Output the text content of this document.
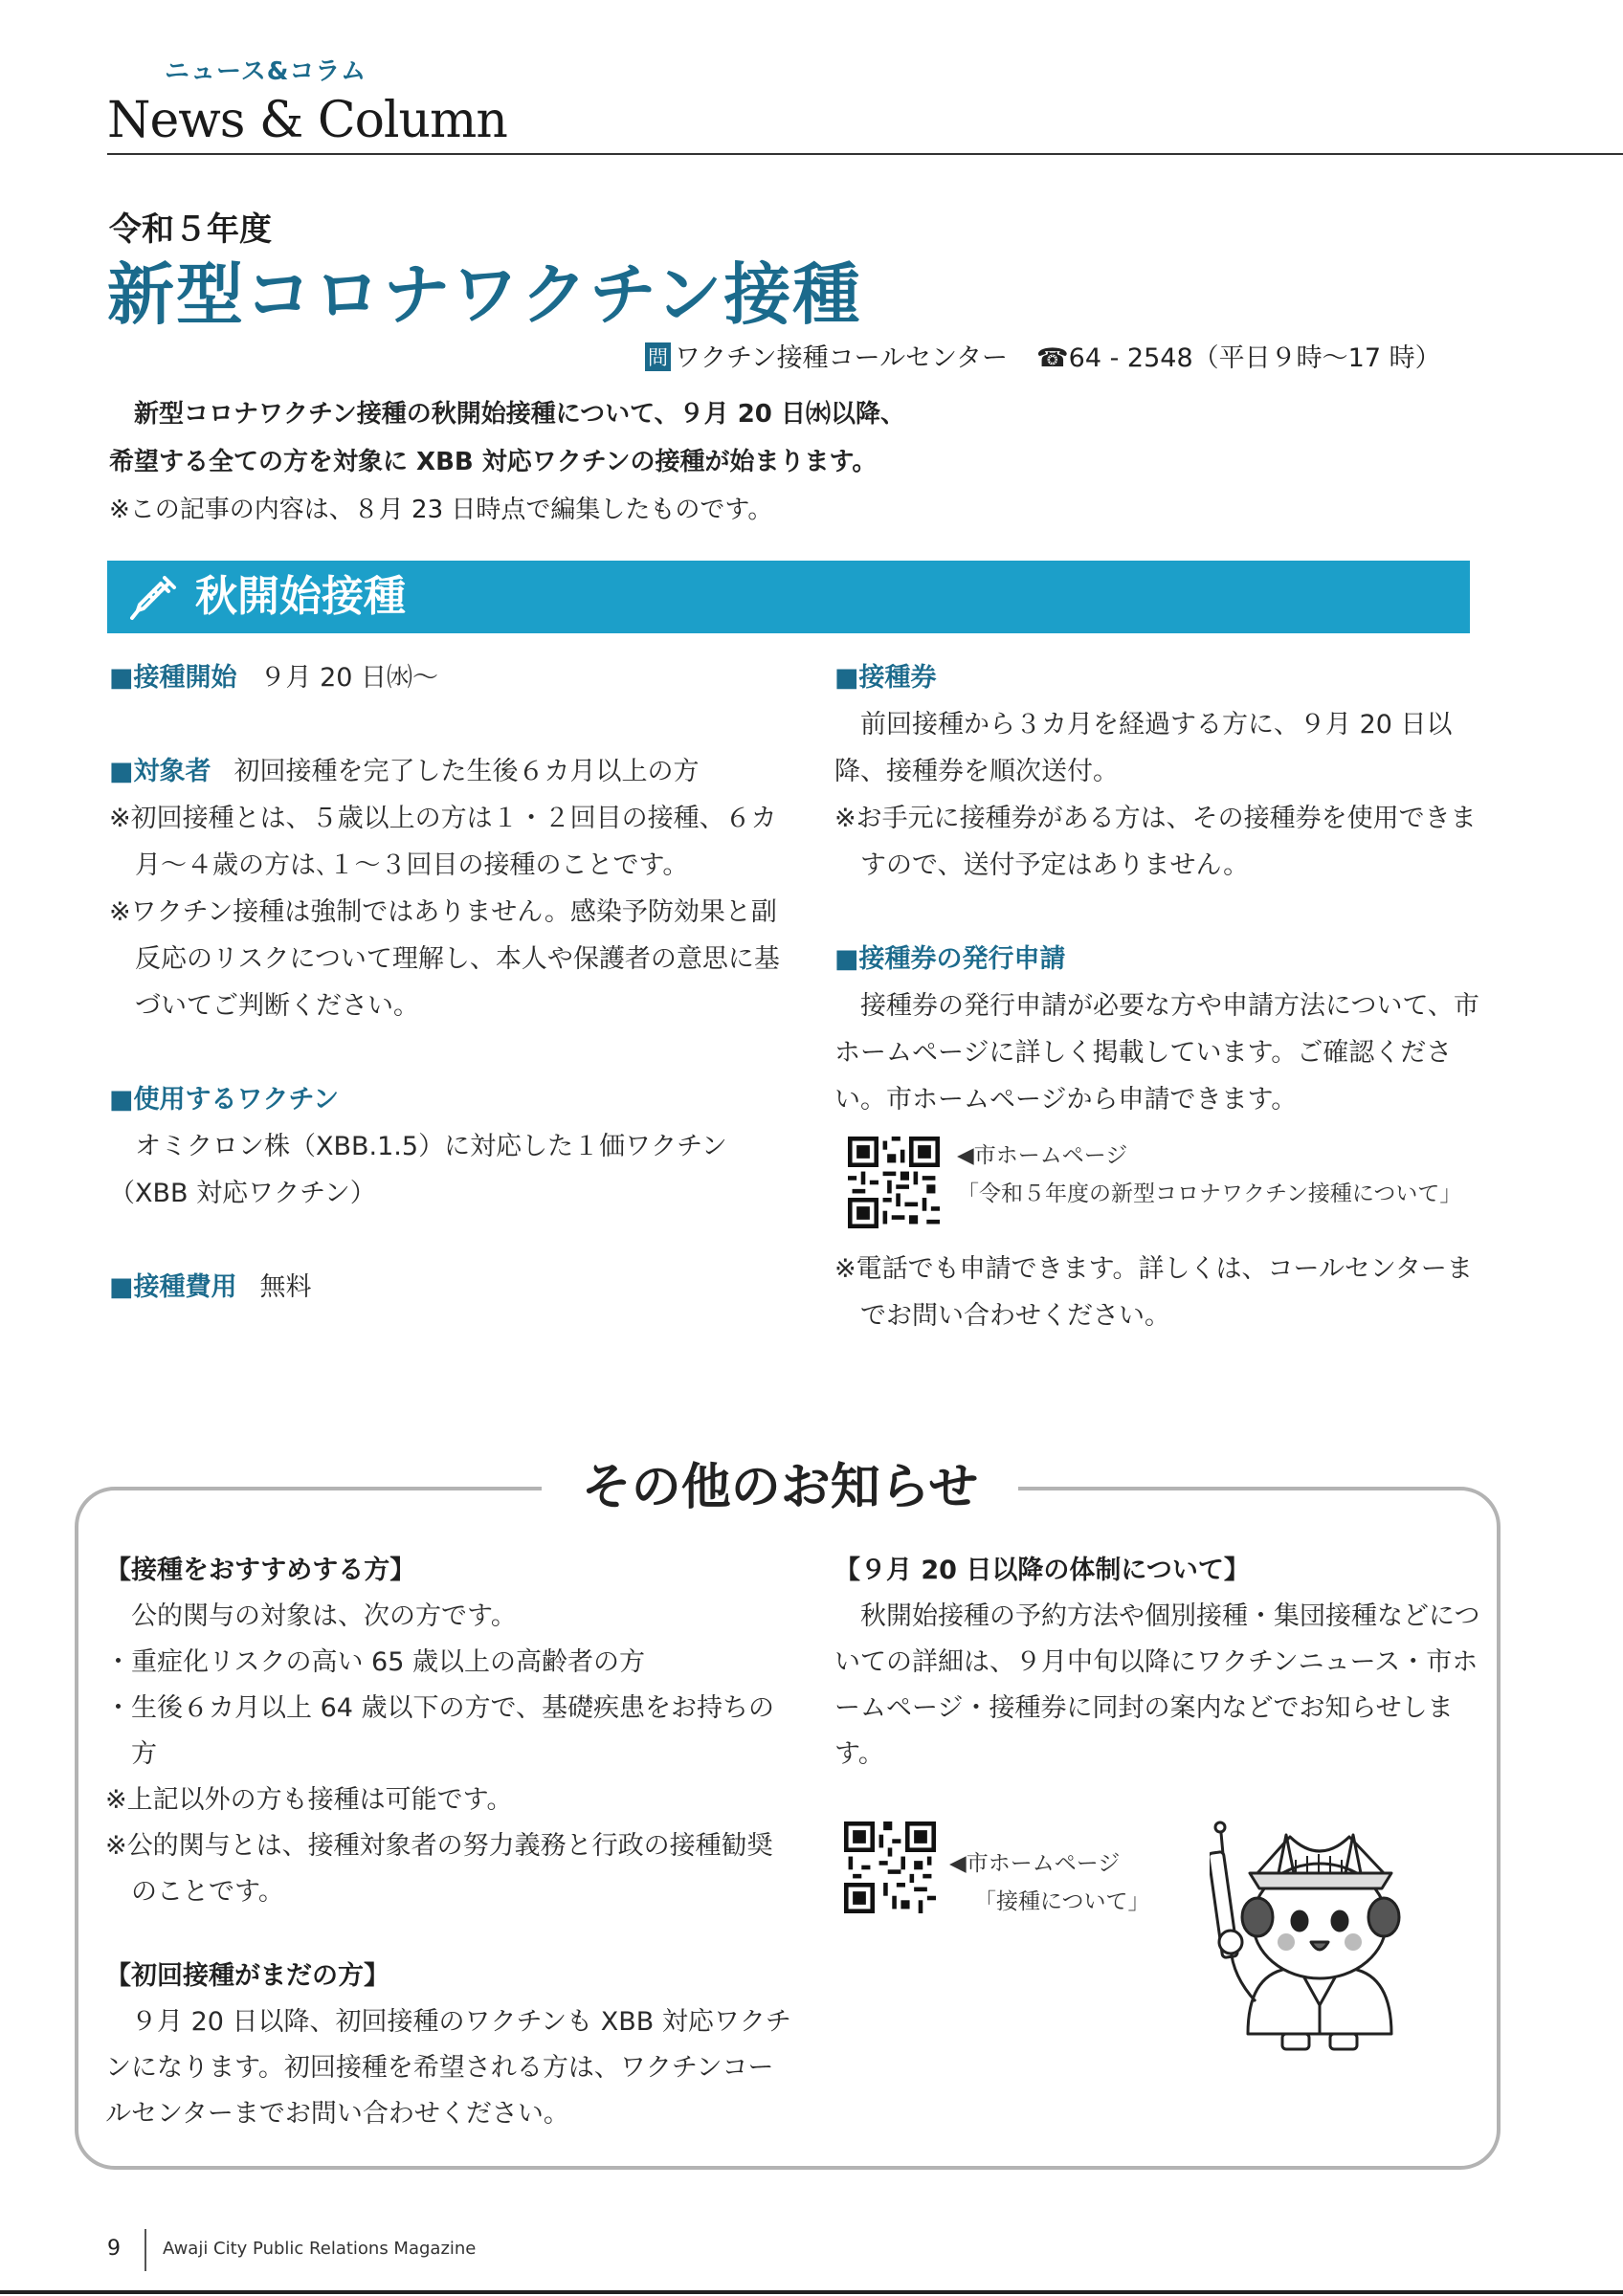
ニュース&コラム
News & Column
令和５年度
新型コロナワクチン接種
問 ワクチン接種コールセンター ☎64 - 2548（平日９時～17 時）
新型コロナワクチン接種の秋開始接種について、９月 20 日㈬以降、
希望する全ての方を対象に XBB 対応ワクチンの接種が始まります。
※この記事の内容は、８月 23 日時点で編集したものです。
秋開始接種
■ 接種開始 ９月 20 日㈬～
■ 対象者 初回接種を完了した生後６カ月以上の方
※初回接種とは、５歳以上の方は１・２回目の接種、６カ月～４歳の方は､１～３回目の接種のことです。
※ワクチン接種は強制ではありません。感染予防効果と副反応のリスクについて理解し、本人や保護者の意思に基づいてご判断ください。
■ 使用するワクチン
オミクロン株（XBB.1.5）に対応した１価ワクチン（XBB 対応ワクチン）
■ 接種費用 無料
■ 接種券
前回接種から３カ月を経過する方に、９月 20 日以降、接種券を順次送付。
※お手元に接種券がある方は、その接種券を使用できますので、送付予定はありません。
■ 接種券の発行申請
接種券の発行申請が必要な方や申請方法について、市ホームページに詳しく掲載しています。ご確認ください。市ホームページから申請できます。
◀市ホームページ
「令和５年度の新型コロナワクチン接種について」
※電話でも申請できます。詳しくは、コールセンターまでお問い合わせください。
その他のお知らせ
【接種をおすすめする方】
公的関与の対象は、次の方です。
・重症化リスクの高い 65 歳以上の高齢者の方
・生後６カ月以上 64 歳以下の方で、基礎疾患をお持ちの方
※上記以外の方も接種は可能です。
※公的関与とは、接種対象者の努力義務と行政の接種勧奨のことです。
【初回接種がまだの方】
９月 20 日以降、初回接種のワクチンも XBB 対応ワクチンになります。初回接種を希望される方は、ワクチンコールセンターまでお問い合わせください。
【９月 20 日以降の体制について】
秋開始接種の予約方法や個別接種・集団接種などについての詳細は、９月中旬以降にワクチンニュース・市ホームページ・接種券に同封の案内などでお知らせします。
◀市ホームページ
「接種について」
9 Awaji City Public Relations Magazine
